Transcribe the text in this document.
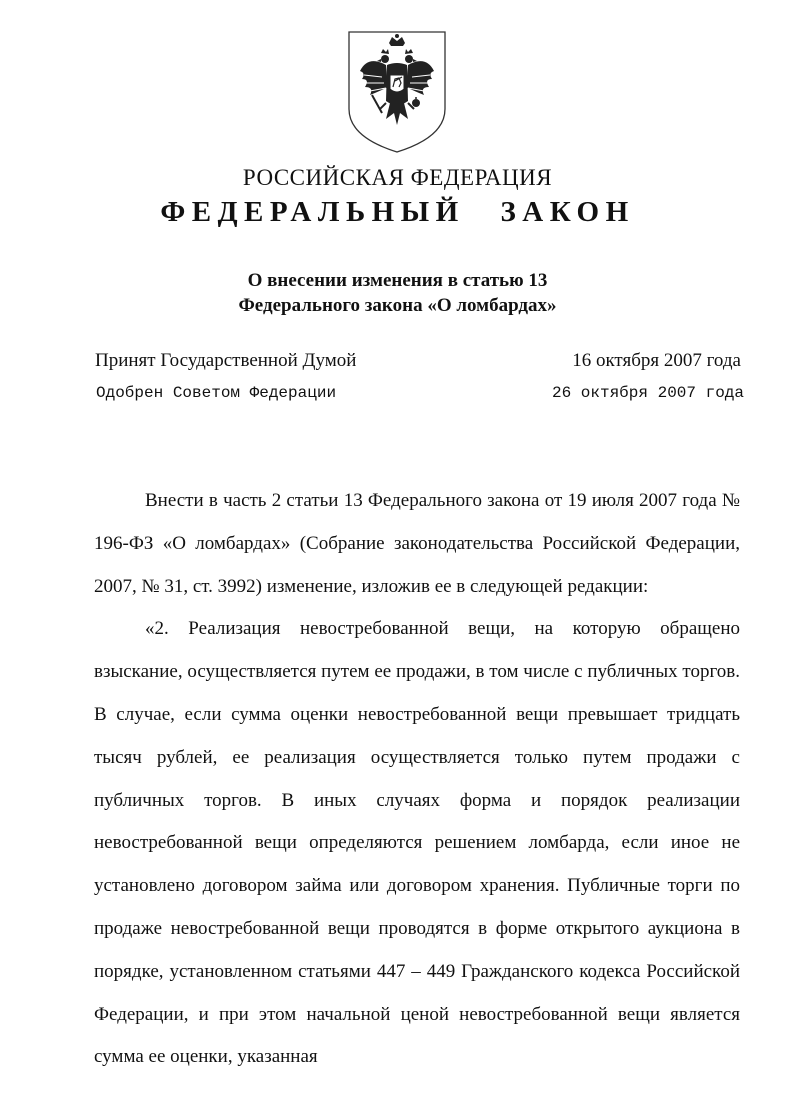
РОССИЙСКАЯ ФЕДЕРАЦИЯ
ФЕДЕРАЛЬНЫЙ ЗАКОН
О внесении изменения в статью 13
Федерального закона «О ломбардах»
Принят Государственной Думой	16 октября 2007 года
Одобрен Советом Федерации	26 октября 2007 года

Внести в часть 2 статьи 13 Федерального закона от 19 июля 2007 года № 196-ФЗ «О ломбардах» (Собрание законодательства Российской Федерации, 2007, № 31, ст. 3992) изменение, изложив ее в следующей редакции:

«2. Реализация невостребованной вещи, на которую обращено взыскание, осуществляется путем ее продажи, в том числе с публичных торгов. В случае, если сумма оценки невостребованной вещи превышает тридцать тысяч рублей, ее реализация осуществляется только путем продажи с публичных торгов. В иных случаях форма и порядок реализации невостребованной вещи определяются решением ломбарда, если иное не установлено договором займа или договором хранения. Публичные торги по продаже невостребованной вещи проводятся в форме открытого аукциона в порядке, установленном статьями 447 – 449 Гражданского кодекса Российской Федерации, и при этом начальной ценой невостребованной вещи является сумма ее оценки, указанная
